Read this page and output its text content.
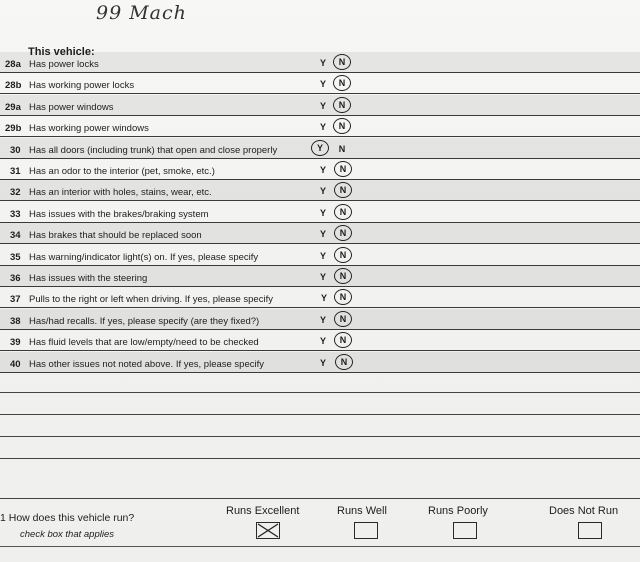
99 Mach
This vehicle:
28a Has power locks	Y	N
28b Has working power locks	Y	N
29a Has power windows	Y	N
29b Has working power windows	Y	N
30 Has all doors (including trunk) that open and close properly	Y	N
31 Has an odor to the interior (pet, smoke, etc.)	Y	N
32 Has an interior with holes, stains, wear, etc.	Y	N
33 Has issues with the brakes/braking system	Y	N
34 Has brakes that should be replaced soon	Y	N
35 Has warning/indicator light(s) on. If yes, please specify	Y	N
36 Has issues with the steering	Y	N
37 Pulls to the right or left when driving. If yes, please specify	Y	N
38 Has/had recalls. If yes, please specify (are they fixed?)	Y	N
39 Has fluid levels that are low/empty/need to be checked	Y	N
40 Has other issues not noted above. If yes, please specify	Y	N
1 How does this vehicle run?
check box that applies
Runs Excellent	Runs Well	Runs Poorly	Does Not Run
